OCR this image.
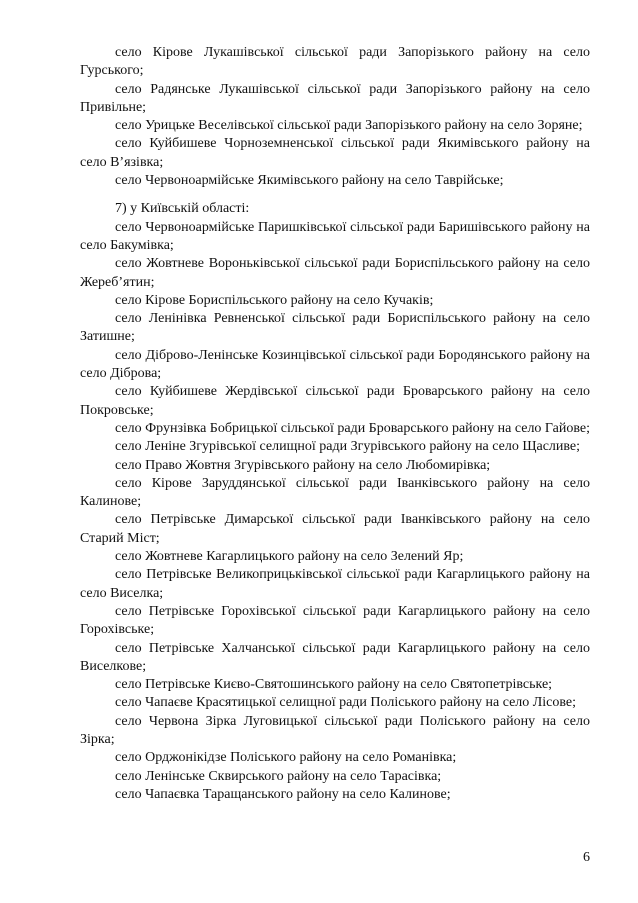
село Кірове Лукашівської сільської ради Запорізького району на село Гурського;

село Радянське Лукашівської сільської ради Запорізького району на село Привільне;

село Урицьке Веселівської сільської ради Запорізького району на село Зоряне;

село Куйбишеве Чорноземненської сільської ради Якимівського району на село В’язівка;

село Червоноармійське Якимівського району на село Таврійське;

7) у Київській області:

село Червоноармійське Паришківської сільської ради Баришівського району на село Бакумівка;

село Жовтневе Вороньківської сільської ради Бориспільського району на село Жереб’ятин;

село Кірове Бориспільського району на село Кучаків;

село Ленінівка Ревненської сільської ради Бориспільського району на село Затишне;

село Діброво-Ленінське Козинцівської сільської ради Бородянського району на село Діброва;

село Куйбишеве Жердівської сільської ради Броварського району на село Покровське;

село Фрунзівка Бобрицької сільської ради Броварського району на село Гайове;

село Леніне Згурівської селищної ради Згурівського району на село Щасливе;

село Право Жовтня Згурівського району на село Любомирівка;

село Кірове Заруддянської сільської ради Іванківського району на село Калинове;

село Петрівське Димарської сільської ради Іванківського району на село Старий Міст;

село Жовтневе Кагарлицького району на село Зелений Яр;

село Петрівське Великоприцьківської сільської ради Кагарлицького району на село Виселка;

село Петрівське Горохівської сільської ради Кагарлицького району на село Горохівське;

село Петрівське Халчанської сільської ради Кагарлицького району на село Виселкове;

село Петрівське Києво-Святошинського району на село Святопетрівське;

село Чапаєве Красятицької селищної ради Поліського району на село Лісове;

село Червона Зірка Луговицької сільської ради Поліського району на село Зірка;

село Орджонікідзе Поліського району на село Романівка;

село Ленінське Сквирського району на село Тарасівка;

село Чапаєвка Таращанського району на село Калинове;

6
